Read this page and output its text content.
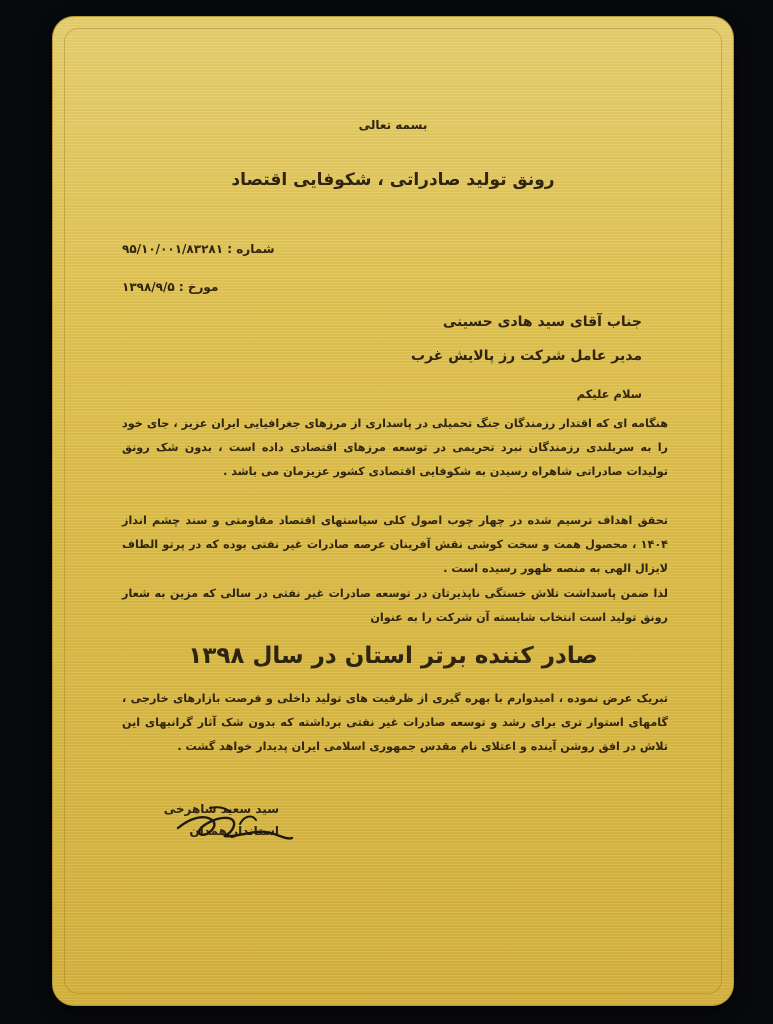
بسمه تعالی
رونق تولید صادراتی ، شکوفایی اقتصاد
شماره : ۹۵/۱۰/۰۰۱/۸۳۲۸۱
مورخ : ۱۳۹۸/۹/۵
جناب آقای سید هادی حسینی
مدیر عامل شرکت رز پالایش غرب
سلام علیکم
هنگامه ای که اقتدار رزمندگان جنگ تحمیلی در پاسداری از مرزهای جغرافیایی ایران عزیز ، جای خود را به سربلندی رزمندگان نبرد تحریمی در توسعه مرزهای اقتصادی داده است ، بدون شک رونق تولیدات صادراتی شاهراه رسیدن به شکوفایی اقتصادی کشور عزیزمان می باشد .
تحقق اهداف ترسیم شده در چهار چوب اصول کلی سیاستهای اقتصاد مقاومتی و سند چشم انداز ۱۴۰۴ ، محصول همت و سخت کوشی نقش آفرینان عرصه صادرات غیر نفتی بوده که در پرتو الطاف لایزال الهی به منصه ظهور رسیده است .
لذا ضمن پاسداشت تلاش خستگی ناپذیرتان در توسعه صادرات غیر نفتی در سالی که مزین به شعار رونق تولید است انتخاب شایسته آن شرکت را به عنوان
صادر کننده برتر استان در سال ۱۳۹۸
تبریک عرض نموده ، امیدوارم با بهره گیری از ظرفیت های تولید داخلی و فرصت بازارهای خارجی ، گامهای استوار تری برای رشد و توسعه صادرات غیر نفتی برداشته که بدون شک آثار گرانبهای این تلاش در افق روشن آینده و اعتلای نام مقدس جمهوری اسلامی ایران پدیدار خواهد گشت .
سید سعید شاهرخی
استاندار همدان
